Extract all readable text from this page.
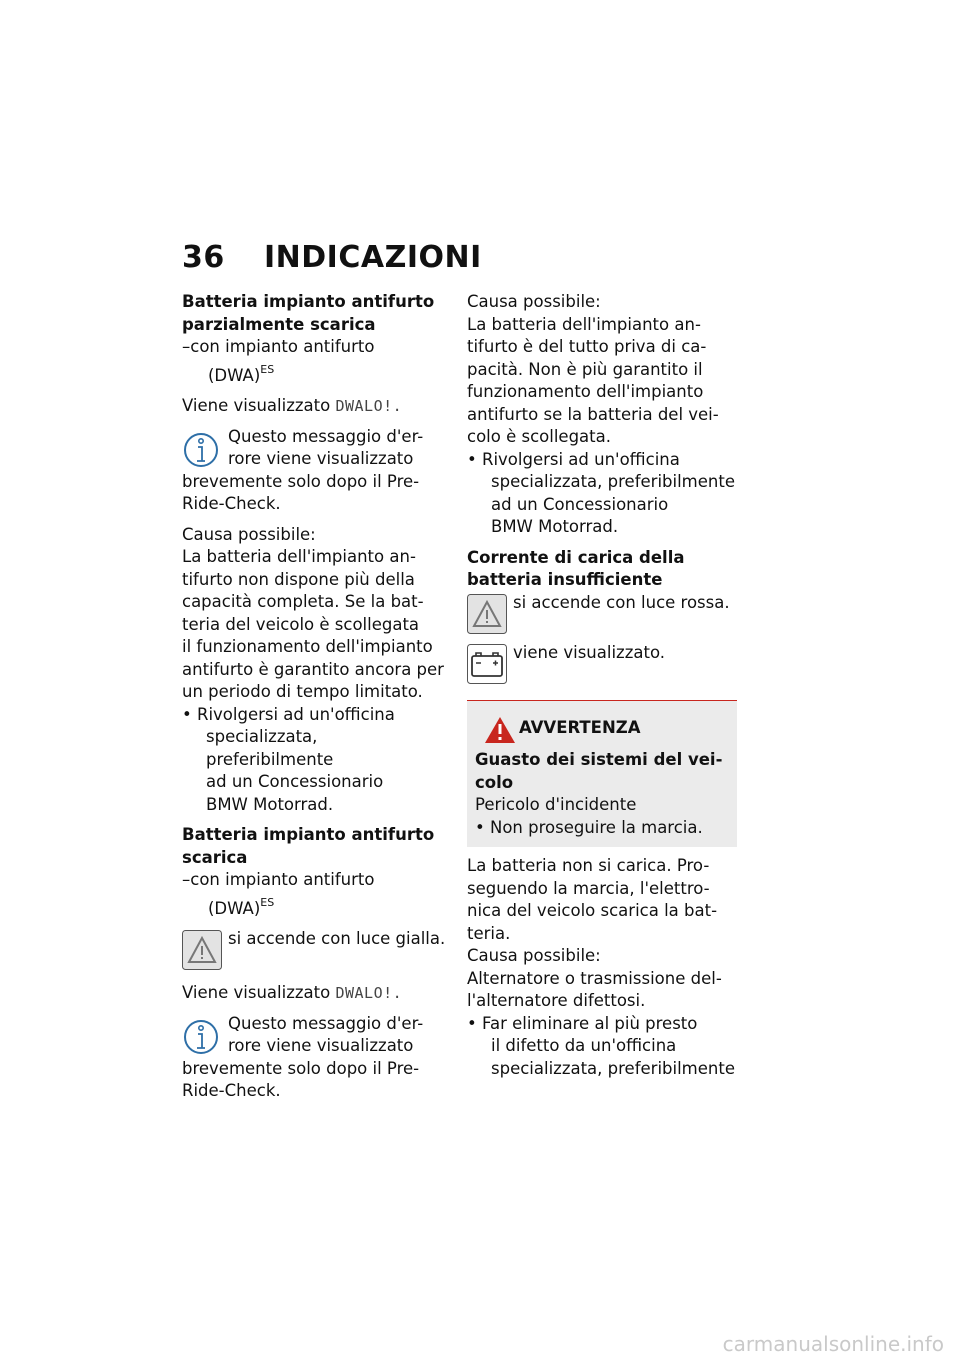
36 INDICAZIONI

Batteria impianto antifurto

parzialmente scarica

–con impianto antifurto
(DWA)$^{ES}$

Viene visualizzato DWALO!.

Questo messaggio d'er-

rore viene visualizzato

brevemente solo dopo il Pre-

Ride-Check.

Causa possibile:

La batteria dell'impianto an-

tifurto non dispone più della

capacità completa. Se la bat-

teria del veicolo è scollegata

il funzionamento dell'impianto

antifurto è garantito ancora per

un periodo di tempo limitato.

• Rivolgersi ad un'officina
specializzata, preferibilmente
ad un Concessionario
BMW Motorrad.

Batteria impianto antifurto

scarica

–con impianto antifurto
(DWA)$^{ES}$

si accende con luce gialla.

Viene visualizzato DWALO!.

Questo messaggio d'er-

rore viene visualizzato

brevemente solo dopo il Pre-

Ride-Check.

Causa possibile:

La batteria dell'impianto an-

tifurto è del tutto priva di ca-

pacità. Non è più garantito il

funzionamento dell'impianto

antifurto se la batteria del vei-

colo è scollegata.

• Rivolgersi ad un'officina
specializzata, preferibilmente
ad un Concessionario
BMW Motorrad.

Corrente di carica della

batteria insufficiente

si accende con luce rossa.

viene visualizzato.

AVVERTENZA

Guasto dei sistemi del vei-

colo

Pericolo d'incidente

• Non proseguire la marcia.

La batteria non si carica. Pro-

seguendo la marcia, l'elettro-

nica del veicolo scarica la bat-

teria.

Causa possibile:

Alternatore o trasmissione del-

l'alternatore difettosi.

• Far eliminare al più presto
il difetto da un'officina
specializzata, preferibilmente

carmanualsonline.info
